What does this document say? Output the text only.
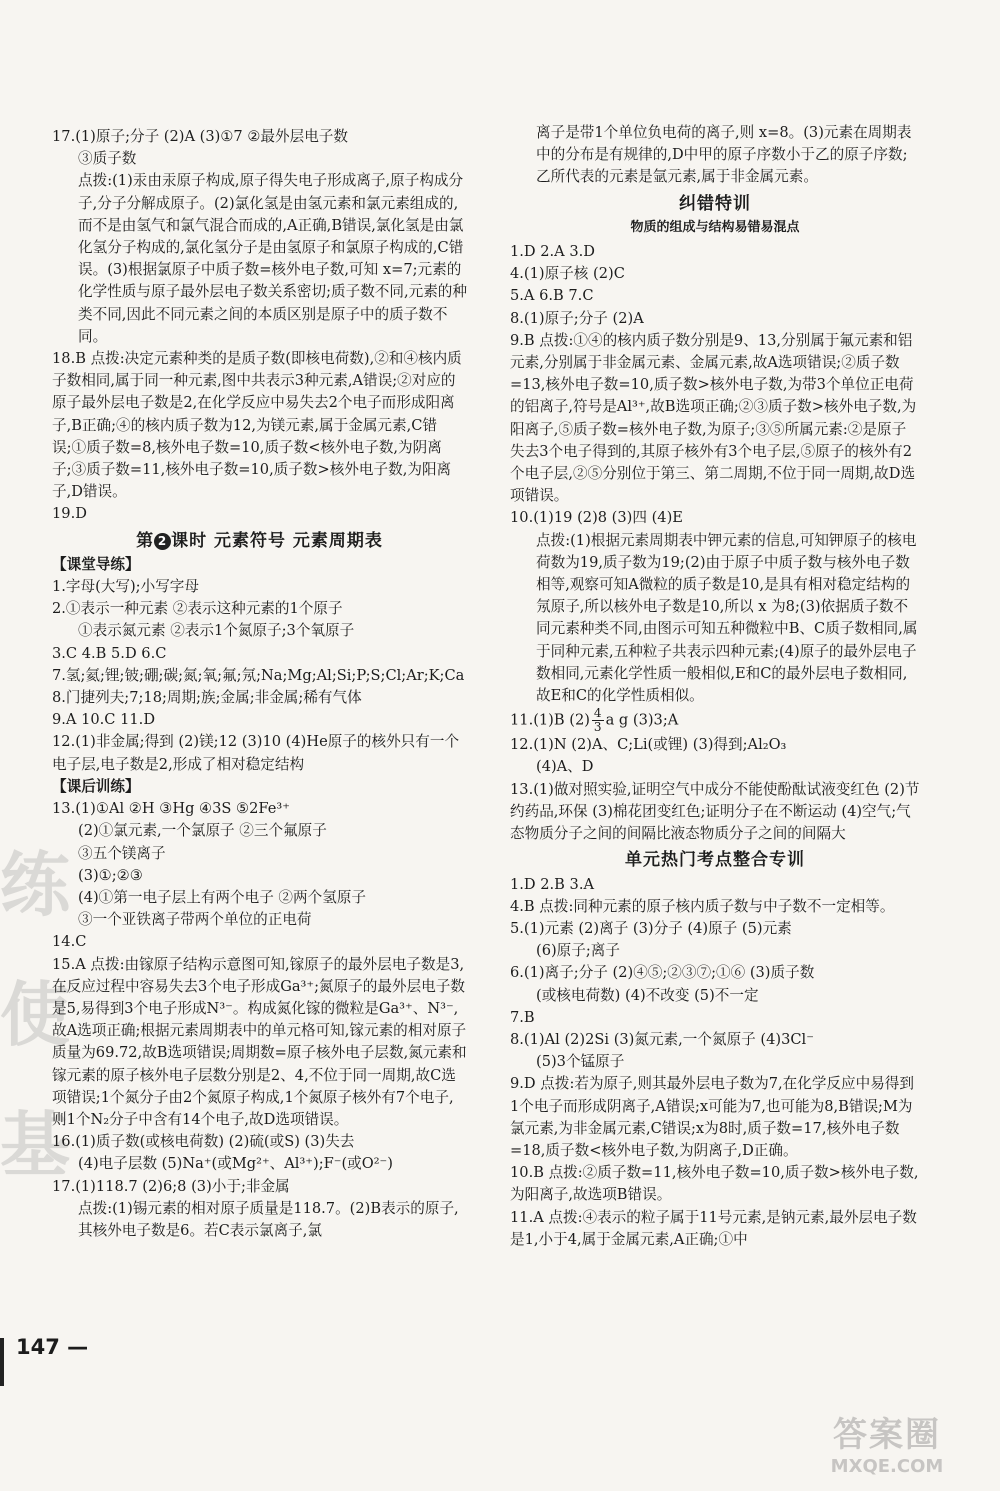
练 使 基

17.(1)原子;分子 (2)A (3)①7 ②最外层电子数

③质子数

点拨:(1)汞由汞原子构成,原子得失电子形成离子,原子构成分子,分子分解成原子。(2)氯化氢是由氢元素和氯元素组成的,而不是由氢气和氯气混合而成的,A正确,B错误,氯化氢是由氯化氢分子构成的,氯化氢分子是由氢原子和氯原子构成的,C错误。(3)根据氯原子中质子数=核外电子数,可知 x=7;元素的化学性质与原子最外层电子数关系密切;质子数不同,元素的种类不同,因此不同元素之间的本质区别是原子中的质子数不同。

18.B 点拨:决定元素种类的是质子数(即核电荷数),②和④核内质子数相同,属于同一种元素,图中共表示3种元素,A错误;②对应的原子最外层电子数是2,在化学反应中易失去2个电子而形成阳离子,B正确;④的核内质子数为12,为镁元素,属于金属元素,C错误;①质子数=8,核外电子数=10,质子数<核外电子数,为阴离子;③质子数=11,核外电子数=10,质子数>核外电子数,为阳离子,D错误。

19.D

第 2 课时 元素符号 元素周期表

【课堂导练】

1.字母(大写);小写字母

2.①表示一种元素 ②表示这种元素的1个原子

①表示氮元素 ②表示1个氮原子;3个氧原子

3.C 4.B 5.D 6.C

7.氢;氦;锂;铍;硼;碳;氮;氧;氟;氖;Na;Mg;Al;Si;P;S;Cl;Ar;K;Ca

8.门捷列夫;7;18;周期;族;金属;非金属;稀有气体

9.A 10.C 11.D

12.(1)非金属;得到 (2)镁;12 (3)10 (4)He原子的核外只有一个电子层,电子数是2,形成了相对稳定结构

【课后训练】

13.(1)①Al ②H ③Hg ④3S ⑤2Fe³⁺

(2)①氯元素,一个氯原子 ②三个氟原子

③五个镁离子

(3)①;②③

(4)①第一电子层上有两个电子 ②两个氢原子

③一个亚铁离子带两个单位的正电荷

14.C

15.A 点拨:由镓原子结构示意图可知,镓原子的最外层电子数是3,在反应过程中容易失去3个电子形成Ga³⁺;氮原子的最外层电子数是5,易得到3个电子形成N³⁻。构成氮化镓的微粒是Ga³⁺、N³⁻,故A选项正确;根据元素周期表中的单元格可知,镓元素的相对原子质量为69.72,故B选项错误;周期数=原子核外电子层数,氮元素和镓元素的原子核外电子层数分别是2、4,不位于同一周期,故C选项错误;1个氮分子由2个氮原子构成,1个氮原子核外有7个电子,则1个N₂分子中含有14个电子,故D选项错误。

16.(1)质子数(或核电荷数) (2)硫(或S) (3)失去

(4)电子层数 (5)Na⁺(或Mg²⁺、Al³⁺);F⁻(或O²⁻)

17.(1)118.7 (2)6;8 (3)小于;非金属

点拨:(1)锡元素的相对原子质量是118.7。(2)B表示的原子,其核外电子数是6。若C表示氯离子,氯

离子是带1个单位负电荷的离子,则 x=8。(3)元素在周期表中的分布是有规律的,D中甲的原子序数小于乙的原子序数;乙所代表的元素是氩元素,属于非金属元素。

纠错特训
物质的组成与结构易错易混点

1.D 2.A 3.D

4.(1)原子核 (2)C

5.A 6.B 7.C

8.(1)原子;分子 (2)A

9.B 点拨:①④的核内质子数分别是9、13,分别属于氟元素和铝元素,分别属于非金属元素、金属元素,故A选项错误;②质子数=13,核外电子数=10,质子数>核外电子数,为带3个单位正电荷的铝离子,符号是Al³⁺,故B选项正确;②③质子数>核外电子数,为阳离子,⑤质子数=核外电子数,为原子;③⑤所属元素:②是原子失去3个电子得到的,其原子核外有3个电子层,⑤原子的核外有2个电子层,②⑤分别位于第三、第二周期,不位于同一周期,故D选项错误。

10.(1)19 (2)8 (3)四 (4)E

点拨:(1)根据元素周期表中钾元素的信息,可知钾原子的核电荷数为19,质子数为19;(2)由于原子中质子数与核外电子数相等,观察可知A微粒的质子数是10,是具有相对稳定结构的氖原子,所以核外电子数是10,所以 x 为8;(3)依据质子数不同元素种类不同,由图示可知五种微粒中B、C质子数相同,属于同种元素,五种粒子共表示四种元素;(4)原子的最外层电子数相同,元素化学性质一般相似,E和C的最外层电子数相同,故E和C的化学性质相似。

11.(1)B $(2) \frac{4}{3}$ a g (3)3;A

12.(1)N (2)A、C;Li(或锂) (3)得到;Al₂O₃

(4)A、D

13.(1)做对照实验,证明空气中成分不能使酚酞试液变红色 (2)节约药品,环保 (3)棉花团变红色;证明分子在不断运动 (4)空气;气态物质分子之间的间隔比液态物质分子之间的间隔大

单元热门考点整合专训

1.D 2.B 3.A

4.B 点拨:同种元素的原子核内质子数与中子数不一定相等。

5.(1)元素 (2)离子 (3)分子 (4)原子 (5)元素

(6)原子;离子

6.(1)离子;分子 (2)④⑤;②③⑦;①⑥ (3)质子数

(或核电荷数) (4)不改变 (5)不一定

7.B

8.(1)Al (2)2Si (3)氮元素,一个氮原子 (4)3Cl⁻

(5)3个锰原子

9.D 点拨:若为原子,则其最外层电子数为7,在化学反应中易得到1个电子而形成阴离子,A错误;x可能为7,也可能为8,B错误;M为氯元素,为非金属元素,C错误;x为8时,质子数=17,核外电子数=18,质子数<核外电子数,为阴离子,D正确。

10.B 点拨:②质子数=11,核外电子数=10,质子数>核外电子数,为阳离子,故选项B错误。

11.A 点拨:④表示的粒子属于11号元素,是钠元素,最外层电子数是1,小于4,属于金属元素,A正确;①中

147 —
答案圈
MXQE.COM
